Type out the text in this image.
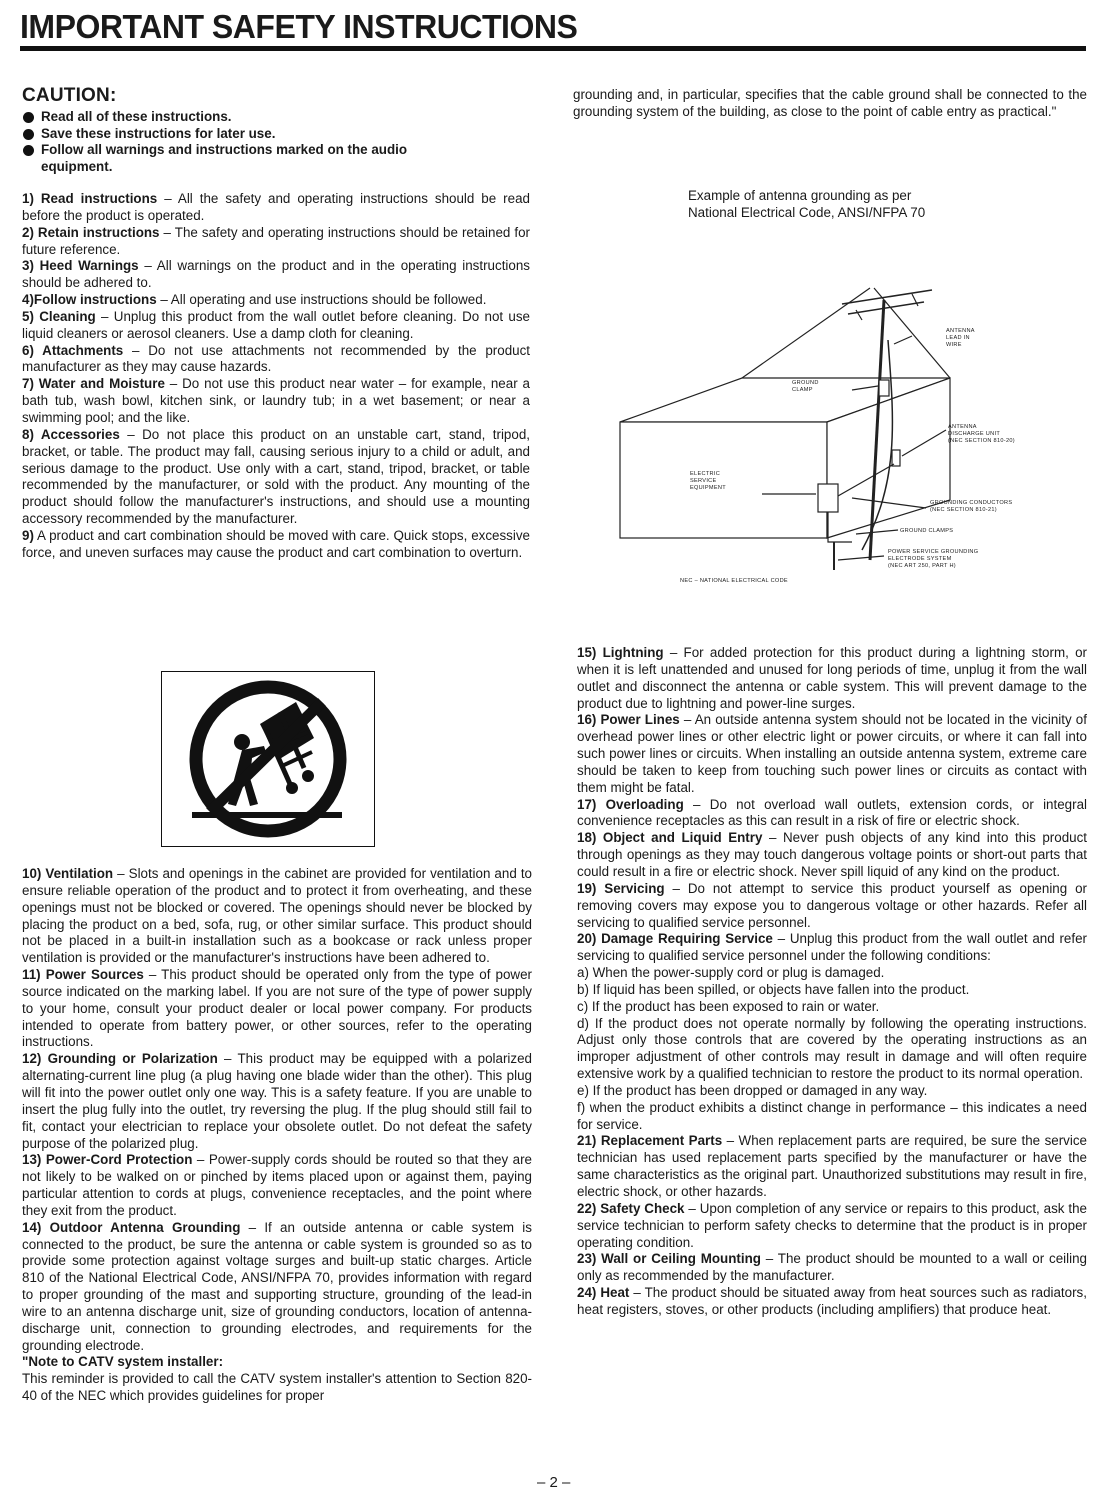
IMPORTANT SAFETY INSTRUCTIONS
CAUTION:
Read all of these instructions.
Save these instructions for later use.
Follow all warnings and instructions marked on the audio equipment.

1) Read instructions – All the safety and operating instructions should be read before the product is operated.

2) Retain instructions – The safety and operating instructions should be retained for future reference.

3) Heed Warnings – All warnings on the product and in the operating instructions should be adhered to.

4)Follow instructions – All operating and use instructions should be followed.

5) Cleaning – Unplug this product from the wall outlet before cleaning. Do not use liquid cleaners or aerosol cleaners. Use a damp cloth for cleaning.

6) Attachments – Do not use attachments not recommended by the product manufacturer as they may cause hazards.

7) Water and Moisture – Do not use this product near water – for example, near a bath tub, wash bowl, kitchen sink, or laundry tub; in a wet basement; or near a swimming pool; and the like.

8) Accessories – Do not place this product on an unstable cart, stand, tripod, bracket, or table. The product may fall, causing serious injury to a child or adult, and serious damage to the product. Use only with a cart, stand, tripod, bracket, or table recommended by the manufacturer, or sold with the product. Any mounting of the product should follow the manufacturer's instructions, and should use a mounting accessory recommended by the manufacturer.

9) A product and cart combination should be moved with care. Quick stops, excessive force, and uneven surfaces may cause the product and cart combination to overturn.

10) Ventilation – Slots and openings in the cabinet are provided for ventilation and to ensure reliable operation of the product and to protect it from overheating, and these openings must not be blocked or covered. The openings should never be blocked by placing the product on a bed, sofa, rug, or other similar surface. This product should not be placed in a built-in installation such as a bookcase or rack unless proper ventilation is provided or the manufacturer's instructions have been adhered to.

11) Power Sources – This product should be operated only from the type of power source indicated on the marking label. If you are not sure of the type of power supply to your home, consult your product dealer or local power company. For products intended to operate from battery power, or other sources, refer to the operating instructions.

12) Grounding or Polarization – This product may be equipped with a polarized alternating-current line plug (a plug having one blade wider than the other). This plug will fit into the power outlet only one way. This is a safety feature. If you are unable to insert the plug fully into the outlet, try reversing the plug. If the plug should still fail to fit, contact your electrician to replace your obsolete outlet. Do not defeat the safety purpose of the polarized plug.

13) Power-Cord Protection – Power-supply cords should be routed so that they are not likely to be walked on or pinched by items placed upon or against them, paying particular attention to cords at plugs, convenience receptacles, and the point where they exit from the product.

14) Outdoor Antenna Grounding – If an outside antenna or cable system is connected to the product, be sure the antenna or cable system is grounded so as to provide some protection against voltage surges and built-up static charges. Article 810 of the National Electrical Code, ANSI/NFPA 70, provides information with regard to proper grounding of the mast and supporting structure, grounding of the lead-in wire to an antenna discharge unit, size of grounding conductors, location of antenna-discharge unit, connection to grounding electrodes, and requirements for the grounding electrode.

"Note to CATV system installer:

This reminder is provided to call the CATV system installer's attention to Section 820-40 of the NEC which provides guidelines for proper

grounding and, in particular, specifies that the cable ground shall be connected to the grounding system of the building, as close to the point of cable entry as practical."

Example of antenna grounding as per
National Electrical Code, ANSI/NFPA 70
ANTENNA
LEAD IN
WIRE
GROUND
CLAMP
ANTENNA
DISCHARGE UNIT
(NEC SECTION 810-20)
ELECTRIC
SERVICE
EQUIPMENT
GROUNDING CONDUCTORS
(NEC SECTION 810-21)
GROUND CLAMPS
POWER SERVICE GROUNDING
ELECTRODE SYSTEM
(NEC ART 250, PART H)
NEC – NATIONAL ELECTRICAL CODE

15) Lightning – For added protection for this product during a lightning storm, or when it is left unattended and unused for long periods of time, unplug it from the wall outlet and disconnect the antenna or cable system. This will prevent damage to the product due to lightning and power-line surges.

16) Power Lines – An outside antenna system should not be located in the vicinity of overhead power lines or other electric light or power circuits, or where it can fall into such power lines or circuits. When installing an outside antenna system, extreme care should be taken to keep from touching such power lines or circuits as contact with them might be fatal.

17) Overloading – Do not overload wall outlets, extension cords, or integral convenience receptacles as this can result in a risk of fire or electric shock.

18) Object and Liquid Entry – Never push objects of any kind into this product through openings as they may touch dangerous voltage points or short-out parts that could result in a fire or electric shock. Never spill liquid of any kind on the product.

19) Servicing – Do not attempt to service this product yourself as opening or removing covers may expose you to dangerous voltage or other hazards. Refer all servicing to qualified service personnel.

20) Damage Requiring Service – Unplug this product from the wall outlet and refer servicing to qualified service personnel under the following conditions:

a) When the power-supply cord or plug is damaged.

b) If liquid has been spilled, or objects have fallen into the product.

c) If the product has been exposed to rain or water.

d) If the product does not operate normally by following the operating instructions. Adjust only those controls that are covered by the operating instructions as an improper adjustment of other controls may result in damage and will often require extensive work by a qualified technician to restore the product to its normal operation.

e) If the product has been dropped or damaged in any way.

f) when the product exhibits a distinct change in performance – this indicates a need for service.

21) Replacement Parts – When replacement parts are required, be sure the service technician has used replacement parts specified by the manufacturer or have the same characteristics as the original part. Unauthorized substitutions may result in fire, electric shock, or other hazards.

22) Safety Check – Upon completion of any service or repairs to this product, ask the service technician to perform safety checks to determine that the product is in proper operating condition.

23) Wall or Ceiling Mounting – The product should be mounted to a wall or ceiling only as recommended by the manufacturer.

24) Heat – The product should be situated away from heat sources such as radiators, heat registers, stoves, or other products (including amplifiers) that produce heat.

– 2 –
